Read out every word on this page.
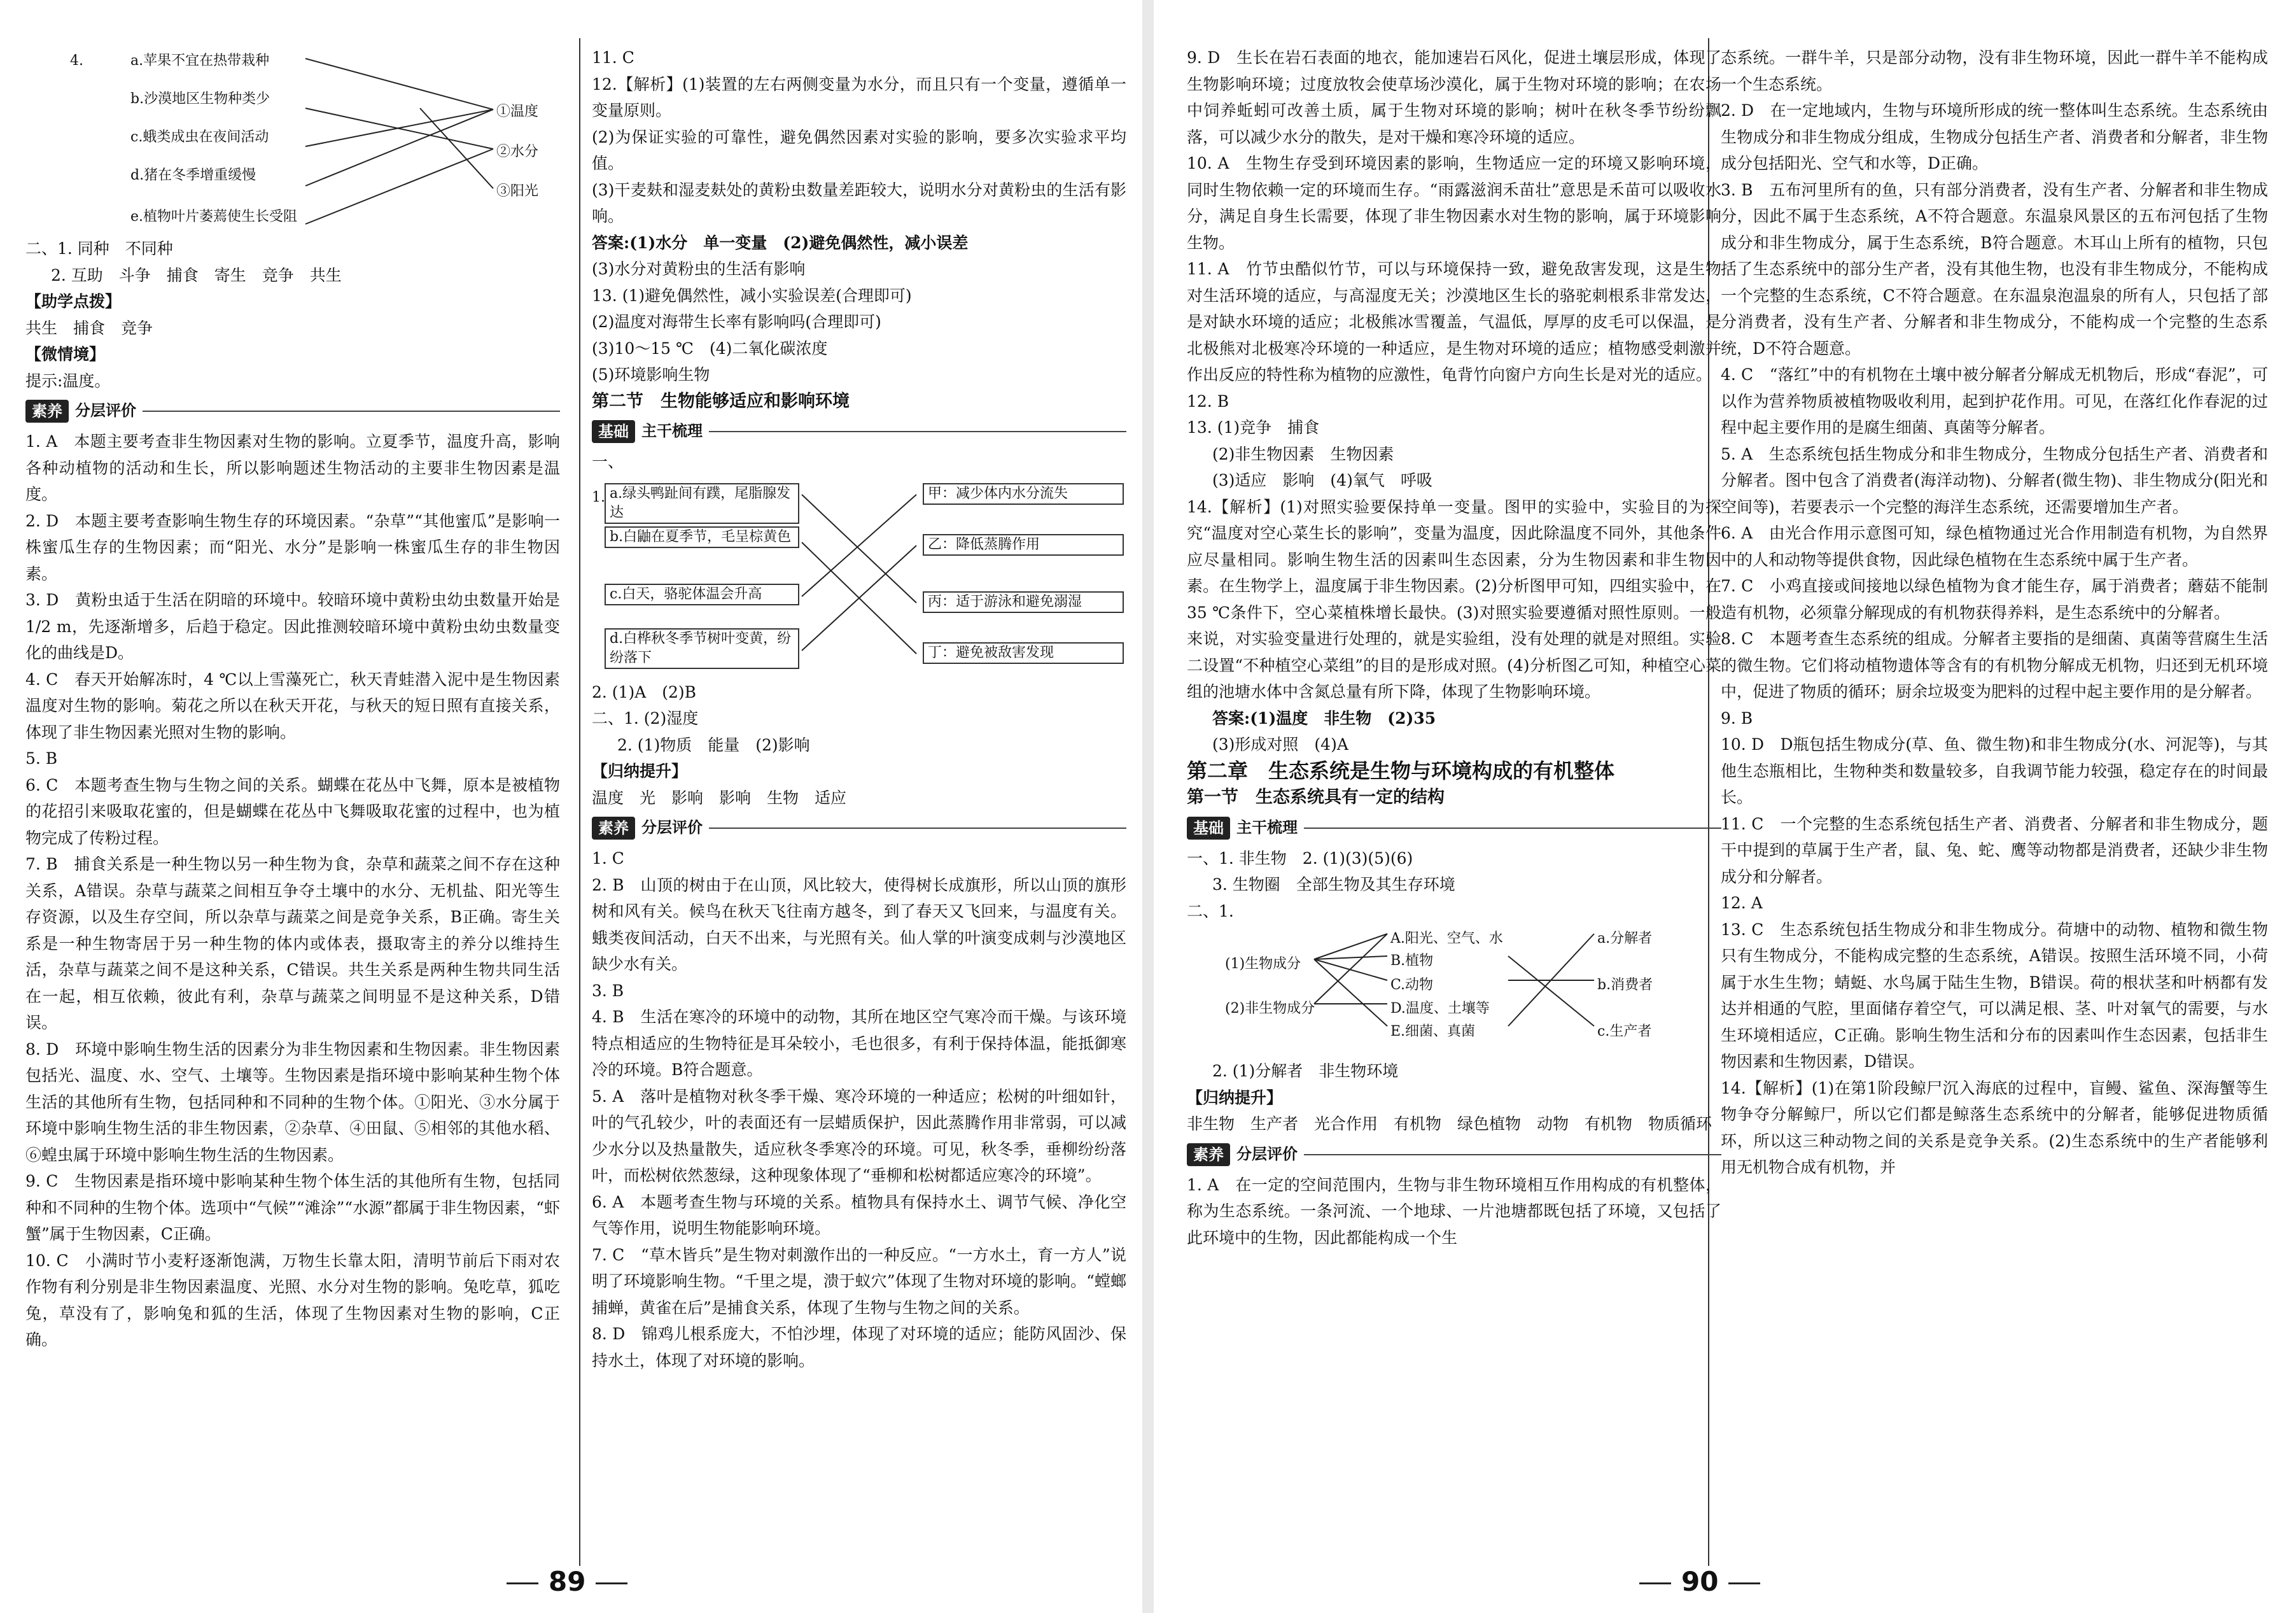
4.	a.苹果不宜在热带栽种
b.沙漠地区生物种类少
c.蛾类成虫在夜间活动
d.猪在冬季增重缓慢
e.植物叶片萎蔫使生长受阻
①温度
②水分
③阳光

二、1. 同种　不同种

2. 互助　斗争　捕食　寄生　竞争　共生

【助学点拨】

共生　捕食　竞争

【微情境】

提示:温度。

素养 分层评价

1. A　本题主要考查非生物因素对生物的影响。立夏季节，温度升高，影响各种动植物的活动和生长，所以影响题述生物活动的主要非生物因素是温度。

2. D　本题主要考查影响生物生存的环境因素。“杂草”“其他蜜瓜”是影响一株蜜瓜生存的生物因素；而“阳光、水分”是影响一株蜜瓜生存的非生物因素。

3. D　黄粉虫适于生活在阴暗的环境中。较暗环境中黄粉虫幼虫数量开始是1/2 m，先逐渐增多，后趋于稳定。因此推测较暗环境中黄粉虫幼虫数量变化的曲线是D。

4. C　春天开始解冻时，4 ℃以上雪藻死亡，秋天青蛙潜入泥中是生物因素温度对生物的影响。菊花之所以在秋天开花，与秋天的短日照有直接关系，体现了非生物因素光照对生物的影响。

5. B

6. C　本题考查生物与生物之间的关系。蝴蝶在花丛中飞舞，原本是被植物的花招引来吸取花蜜的，但是蝴蝶在花丛中飞舞吸取花蜜的过程中，也为植物完成了传粉过程。

7. B　捕食关系是一种生物以另一种生物为食，杂草和蔬菜之间不存在这种关系，A错误。杂草与蔬菜之间相互争夺土壤中的水分、无机盐、阳光等生存资源，以及生存空间，所以杂草与蔬菜之间是竞争关系，B正确。寄生关系是一种生物寄居于另一种生物的体内或体表，摄取寄主的养分以维持生活，杂草与蔬菜之间不是这种关系，C错误。共生关系是两种生物共同生活在一起，相互依赖，彼此有利，杂草与蔬菜之间明显不是这种关系，D错误。

8. D　环境中影响生物生活的因素分为非生物因素和生物因素。非生物因素包括光、温度、水、空气、土壤等。生物因素是指环境中影响某种生物个体生活的其他所有生物，包括同种和不同种的生物个体。①阳光、③水分属于环境中影响生物生活的非生物因素，②杂草、④田鼠、⑤相邻的其他水稻、⑥蝗虫属于环境中影响生物生活的生物因素。

9. C　生物因素是指环境中影响某种生物个体生活的其他所有生物，包括同种和不同种的生物个体。选项中“气候”“滩涂”“水源”都属于非生物因素，“虾蟹”属于生物因素，C正确。

10. C　小满时节小麦籽逐渐饱满，万物生长靠太阳，清明节前后下雨对农作物有利分别是非生物因素温度、光照、水分对生物的影响。兔吃草，狐吃兔，草没有了，影响兔和狐的生活，体现了生物因素对生物的影响，C正确。

11. C

12.【解析】(1)装置的左右两侧变量为水分，而且只有一个变量，遵循单一变量原则。

(2)为保证实验的可靠性，避免偶然因素对实验的影响，要多次实验求平均值。

(3)干麦麸和湿麦麸处的黄粉虫数量差距较大，说明水分对黄粉虫的生活有影响。

答案:(1)水分　单一变量　(2)避免偶然性，减小误差

(3)水分对黄粉虫的生活有影响

13. (1)避免偶然性，减小实验误差(合理即可)

(2)温度对海带生长率有影响吗(合理即可)

(3)10～15 ℃　(4)二氧化碳浓度

(5)环境影响生物

第二节　生物能够适应和影响环境

基础 主干梳理

一、

a.绿头鸭趾间有蹼，尾脂腺发达
b.白鼬在夏季节，毛呈棕黄色
c.白天，骆驼体温会升高
d.白桦秋冬季节树叶变黄，纷纷落下
甲：减少体内水分流失
乙：降低蒸腾作用
丙：适于游泳和避免溺湿
丁：避免被敌害发现
1.

2. (1)A　(2)B

二、1. (2)湿度

2. (1)物质　能量　(2)影响

【归纳提升】

温度　光　影响　影响　生物　适应

素养 分层评价

1. C

2. B　山顶的树由于在山顶，风比较大，使得树长成旗形，所以山顶的旗形树和风有关。候鸟在秋天飞往南方越冬，到了春天又飞回来，与温度有关。蛾类夜间活动，白天不出来，与光照有关。仙人掌的叶演变成刺与沙漠地区缺少水有关。

3. B

4. B　生活在寒冷的环境中的动物，其所在地区空气寒冷而干燥。与该环境特点相适应的生物特征是耳朵较小，毛也很多，有利于保持体温，能抵御寒冷的环境。B符合题意。

5. A　落叶是植物对秋冬季干燥、寒冷环境的一种适应；松树的叶细如针，叶的气孔较少，叶的表面还有一层蜡质保护，因此蒸腾作用非常弱，可以减少水分以及热量散失，适应秋冬季寒冷的环境。可见，秋冬季，垂柳纷纷落叶，而松树依然葱绿，这种现象体现了“垂柳和松树都适应寒冷的环境”。

6. A　本题考查生物与环境的关系。植物具有保持水土、调节气候、净化空气等作用，说明生物能影响环境。

7. C　“草木皆兵”是生物对刺激作出的一种反应。“一方水土，育一方人”说明了环境影响生物。“千里之堤，溃于蚁穴”体现了生物对环境的影响。“螳螂捕蝉，黄雀在后”是捕食关系，体现了生物与生物之间的关系。

8. D　锦鸡儿根系庞大，不怕沙埋，体现了对环境的适应；能防风固沙、保持水土，体现了对环境的影响。

9. D　生长在岩石表面的地衣，能加速岩石风化，促进土壤层形成，体现了生物影响环境；过度放牧会使草场沙漠化，属于生物对环境的影响；在农场中饲养蚯蚓可改善土质，属于生物对环境的影响；树叶在秋冬季节纷纷飘落，可以减少水分的散失，是对干燥和寒冷环境的适应。

10. A　生物生存受到环境因素的影响，生物适应一定的环境又影响环境，同时生物依赖一定的环境而生存。“雨露滋润禾苗壮”意思是禾苗可以吸收水分，满足自身生长需要，体现了非生物因素水对生物的影响，属于环境影响生物。

11. A　竹节虫酷似竹节，可以与环境保持一致，避免敌害发现，这是生物对生活环境的适应，与高湿度无关；沙漠地区生长的骆驼刺根系非常发达，是对缺水环境的适应；北极熊冰雪覆盖，气温低，厚厚的皮毛可以保温，是北极熊对北极寒冷环境的一种适应，是生物对环境的适应；植物感受刺激并作出反应的特性称为植物的应激性，龟背竹向窗户方向生长是对光的适应。

12. B

13. (1)竞争　捕食

(2)非生物因素　生物因素

(3)适应　影响　(4)氧气　呼吸

14.【解析】(1)对照实验要保持单一变量。图甲的实验中，实验目的为探究“温度对空心菜生长的影响”，变量为温度，因此除温度不同外，其他条件应尽量相同。影响生物生活的因素叫生态因素，分为生物因素和非生物因素。在生物学上，温度属于非生物因素。(2)分析图甲可知，四组实验中，在35 ℃条件下，空心菜植株增长最快。(3)对照实验要遵循对照性原则。一般来说，对实验变量进行处理的，就是实验组，没有处理的就是对照组。实验二设置“不种植空心菜组”的目的是形成对照。(4)分析图乙可知，种植空心菜组的池塘水体中含氮总量有所下降，体现了生物影响环境。

答案:(1)温度　非生物　(2)35

(3)形成对照　(4)A

第二章　生态系统是生物与环境构成的有机整体

第一节　生态系统具有一定的结构

基础 主干梳理

一、1. 非生物　2. (1)(3)(5)(6)

3. 生物圈　全部生物及其生存环境

二、1.

(1)生物成分
(2)非生物成分
A.阳光、空气、水
B.植物
C.动物
D.温度、土壤等
E.细菌、真菌
a.分解者
b.消费者
c.生产者

2. (1)分解者　非生物环境

【归纳提升】

非生物　生产者　光合作用　有机物　绿色植物　动物　有机物　物质循环

素养 分层评价

1. A　在一定的空间范围内，生物与非生物环境相互作用构成的有机整体，称为生态系统。一条河流、一个地球、一片池塘都既包括了环境，又包括了此环境中的生物，因此都能构成一个生

态系统。一群牛羊，只是部分动物，没有非生物环境，因此一群牛羊不能构成一个生态系统。

2. D　在一定地域内，生物与环境所形成的统一整体叫生态系统。生态系统由生物成分和非生物成分组成，生物成分包括生产者、消费者和分解者，非生物成分包括阳光、空气和水等，D正确。

3. B　五布河里所有的鱼，只有部分消费者，没有生产者、分解者和非生物成分，因此不属于生态系统，A不符合题意。东温泉风景区的五布河包括了生物成分和非生物成分，属于生态系统，B符合题意。木耳山上所有的植物，只包括了生态系统中的部分生产者，没有其他生物，也没有非生物成分，不能构成一个完整的生态系统，C不符合题意。在东温泉泡温泉的所有人，只包括了部分消费者，没有生产者、分解者和非生物成分，不能构成一个完整的生态系统，D不符合题意。

4. C　“落红”中的有机物在土壤中被分解者分解成无机物后，形成“春泥”，可以作为营养物质被植物吸收利用，起到护花作用。可见，在落红化作春泥的过程中起主要作用的是腐生细菌、真菌等分解者。

5. A　生态系统包括生物成分和非生物成分，生物成分包括生产者、消费者和分解者。图中包含了消费者(海洋动物)、分解者(微生物)、非生物成分(阳光和空间等)，若要表示一个完整的海洋生态系统，还需要增加生产者。

6. A　由光合作用示意图可知，绿色植物通过光合作用制造有机物，为自然界中的人和动物等提供食物，因此绿色植物在生态系统中属于生产者。

7. C　小鸡直接或间接地以绿色植物为食才能生存，属于消费者；蘑菇不能制造有机物，必须靠分解现成的有机物获得养料，是生态系统中的分解者。

8. C　本题考查生态系统的组成。分解者主要指的是细菌、真菌等营腐生生活的微生物。它们将动植物遗体等含有的有机物分解成无机物，归还到无机环境中，促进了物质的循环；厨余垃圾变为肥料的过程中起主要作用的是分解者。

9. B

10. D　D瓶包括生物成分(草、鱼、微生物)和非生物成分(水、河泥等)，与其他生态瓶相比，生物种类和数量较多，自我调节能力较强，稳定存在的时间最长。

11. C　一个完整的生态系统包括生产者、消费者、分解者和非生物成分，题干中提到的草属于生产者，鼠、兔、蛇、鹰等动物都是消费者，还缺少非生物成分和分解者。

12. A

13. C　生态系统包括生物成分和非生物成分。荷塘中的动物、植物和微生物只有生物成分，不能构成完整的生态系统，A错误。按照生活环境不同，小荷属于水生生物；蜻蜓、水鸟属于陆生生物，B错误。荷的根状茎和叶柄都有发达并相通的气腔，里面储存着空气，可以满足根、茎、叶对氧气的需要，与水生环境相适应，C正确。影响生物生活和分布的因素叫作生态因素，包括非生物因素和生物因素，D错误。

14.【解析】(1)在第1阶段鲸尸沉入海底的过程中，盲鳗、鲨鱼、深海蟹等生物争夺分解鲸尸，所以它们都是鲸落生态系统中的分解者，能够促进物质循环，所以这三种动物之间的关系是竞争关系。(2)生态系统中的生产者能够利用无机物合成有机物，并

89	90
